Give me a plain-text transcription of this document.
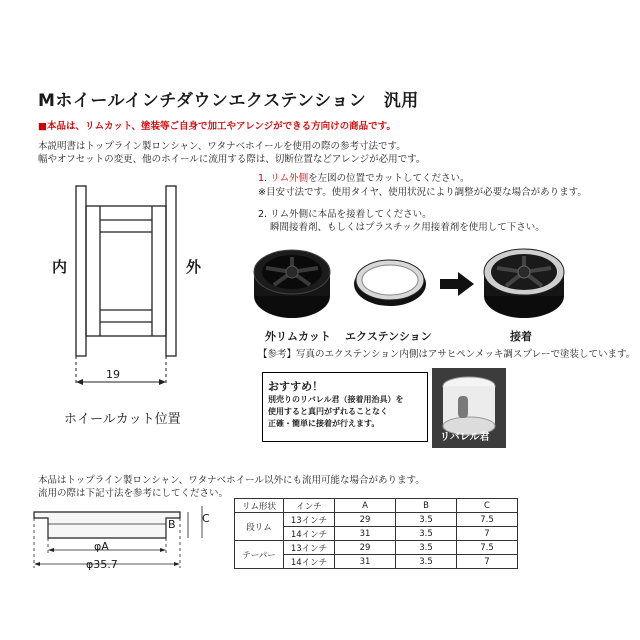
Mホイールインチダウンエクステンション　汎用
■本品は、リムカット、塗装等ご自身で加工やアレンジができる方向けの商品です。
本説明書はトップライン製ロンシャン、ワタナベホイールを使用の際の参考寸法です。
幅やオフセットの変更、他のホイールに流用する際は、切断位置などアレンジが必用です。
内	外
19
ホイールカット位置
1. リム外側を左図の位置でカットしてください。
※目安寸法です。使用タイヤ、使用状況により調整が必要な場合があります。
2. リム外側に本品を接着してください。
瞬間接着剤、もしくはプラスチック用接着剤を使用して下さい。
外リムカット エクステンション	接着
【参考】写真のエクステンション内側はアサヒペンメッキ調スプレーで塗装しています。
おすすめ！
別売りのリバレル君（接着用治具）を
使用すると真円がずれることなく
正確・簡単に接着が行えます。
リバレル君
本品はトップライン製ロンシャン、ワタナベホイール以外にも流用可能な場合があります。
流用の際は下記寸法を参考にしてください。
B C
φA
φ35.7
リム形状	インチ	A	B	C
段リム	13インチ	29	3.5	7.5
	14インチ	31	3.5	7
テーパー	13インチ	29	3.5	7.5
	14インチ	31	3.5	7
